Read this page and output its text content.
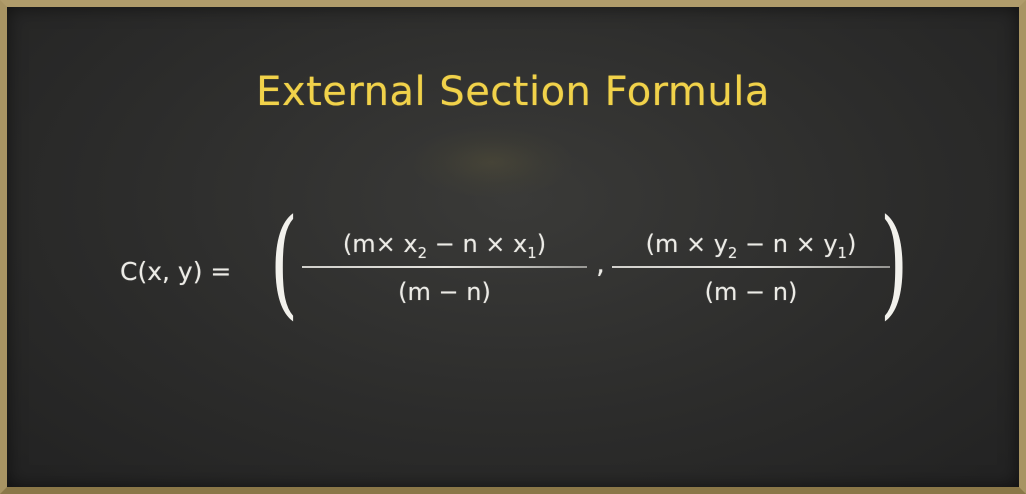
External Section Formula
C(x, y) = (	$(m\times x_2 - n \times x_1)$
(m − n)
,
$(m \times y_2 - n \times y_1)$
(m − n) )
